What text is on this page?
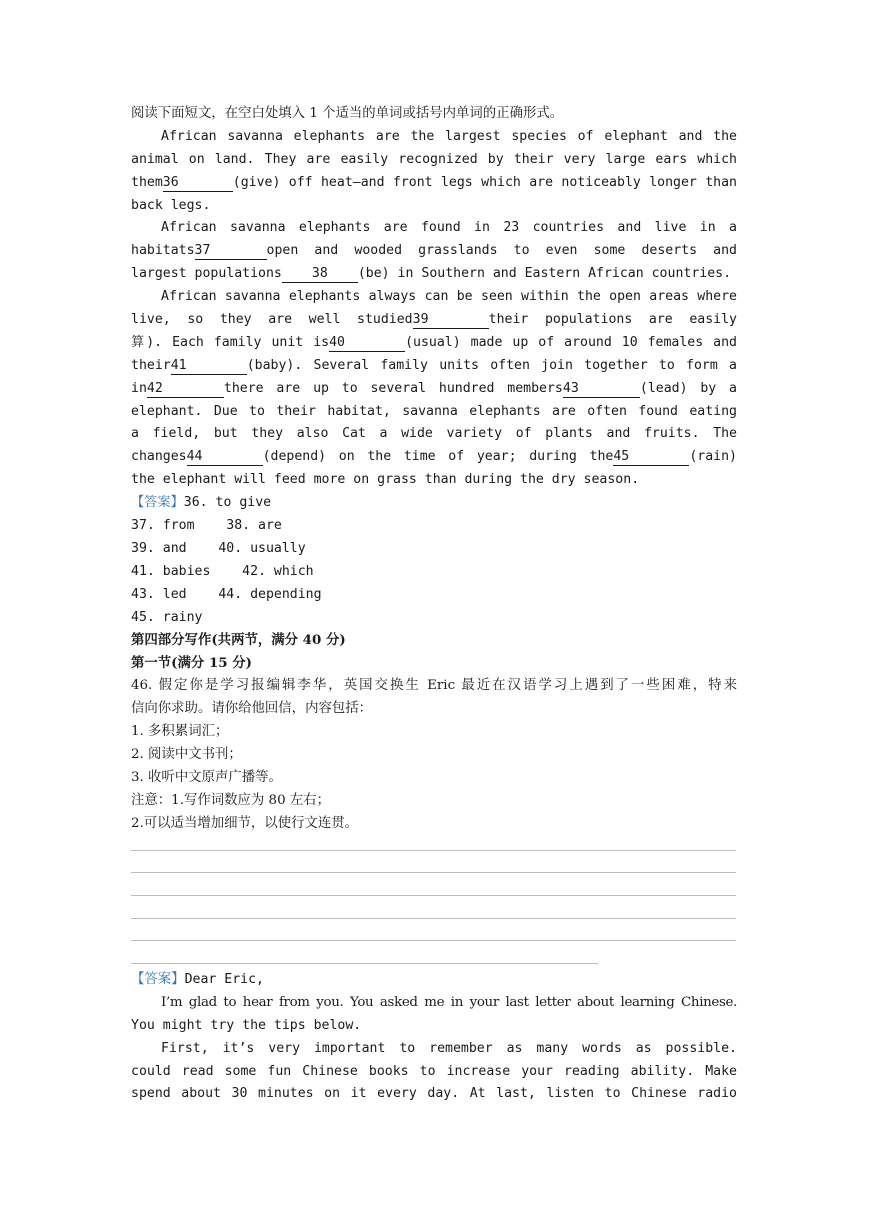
阅读下面短文，在空白处填入 1 个适当的单词或括号内单词的正确形式。
African savanna elephants are the largest species of elephant and the
animal on land. They are easily recognized by their very large ears which
them36	(give) off heat—and front legs which are noticeably longer than
back legs.
African savanna elephants are found in 23 countries and live in a
habitats37	open and wooded grasslands to even some deserts and
largest populations 38 (be) in Southern and Eastern African countries.
African savanna elephants always can be seen within the open areas where
live, so they are well studied39	their populations are easily
算). Each family unit is40	(usual) made up of around 10 females and
their41	(baby). Several family units often join together to form a
in42	there are up to several hundred members43	(lead) by a
elephant. Due to their habitat, savanna elephants are often found eating
a field, but they also Cat a wide variety of plants and fruits. The
changes44	(depend) on the time of year; during the45	(rain)
the elephant will feed more on grass than during the dry season.
【答案】36. to give
37. from    38. are
39. and    40. usually
41. babies    42. which
43. led    44. depending
45. rainy
第四部分写作(共两节，满分 40 分)
第一节(满分 15 分)
46. 假定你是学习报编辑李华，英国交换生 Eric 最近在汉语学习上遇到了一些困难，特来
信向你求助。请你给他回信，内容包括：
1. 多积累词汇；
2. 阅读中文书刊；
3. 收听中文原声广播等。
注意：1.写作词数应为 80 左右；
2.可以适当增加细节，以使行文连贯。
【答案】Dear Eric,
I’m glad to hear from you. You asked me in your last letter about learning Chinese.
You might try the tips below.
First, it’s very important to remember as many words as possible.
could read some fun Chinese books to increase your reading ability. Make
spend about 30 minutes on it every day. At last, listen to Chinese radio
